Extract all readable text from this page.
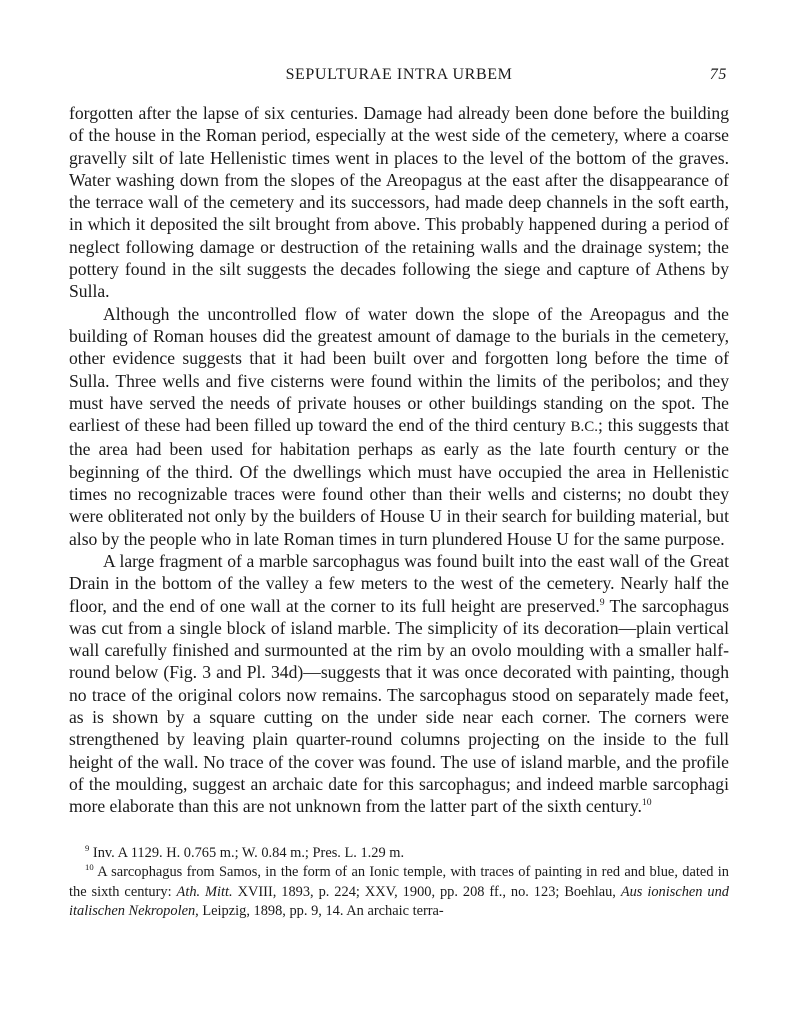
SEPULTURAE INTRA URBEM	75

forgotten after the lapse of six centuries. Damage had already been done before the building of the house in the Roman period, especially at the west side of the cemetery, where a coarse gravelly silt of late Hellenistic times went in places to the level of the bottom of the graves. Water washing down from the slopes of the Areopagus at the east after the disappearance of the terrace wall of the cemetery and its successors, had made deep channels in the soft earth, in which it deposited the silt brought from above. This probably happened during a period of neglect following damage or destruction of the retaining walls and the drainage system; the pottery found in the silt suggests the decades following the siege and capture of Athens by Sulla.

Although the uncontrolled flow of water down the slope of the Areopagus and the building of Roman houses did the greatest amount of damage to the burials in the cemetery, other evidence suggests that it had been built over and forgotten long before the time of Sulla. Three wells and five cisterns were found within the limits of the peribolos; and they must have served the needs of private houses or other buildings standing on the spot. The earliest of these had been filled up toward the end of the third century B.C.; this suggests that the area had been used for habitation perhaps as early as the late fourth century or the beginning of the third. Of the dwellings which must have occupied the area in Hellenistic times no recognizable traces were found other than their wells and cisterns; no doubt they were obliterated not only by the builders of House U in their search for building material, but also by the people who in late Roman times in turn plundered House U for the same purpose.

A large fragment of a marble sarcophagus was found built into the east wall of the Great Drain in the bottom of the valley a few meters to the west of the cemetery. Nearly half the floor, and the end of one wall at the corner to its full height are preserved.$^9$ The sarcophagus was cut from a single block of island marble. The simplicity of its decoration—plain vertical wall carefully finished and surmounted at the rim by an ovolo moulding with a smaller half-round below (Fig. 3 and Pl. 34d)—suggests that it was once decorated with painting, though no trace of the original colors now remains. The sarcophagus stood on separately made feet, as is shown by a square cutting on the under side near each corner. The corners were strengthened by leaving plain quarter-round columns projecting on the inside to the full height of the wall. No trace of the cover was found. The use of island marble, and the profile of the moulding, suggest an archaic date for this sarcophagus; and indeed marble sarcophagi more elaborate than this are not unknown from the latter part of the sixth century.$^{10}$

$^9$ Inv. A 1129. H. 0.765 m.; W. 0.84 m.; Pres. L. 1.29 m.

$^{10}$ A sarcophagus from Samos, in the form of an Ionic temple, with traces of painting in red and blue, dated in the sixth century: Ath. Mitt. XVIII, 1893, p. 224; XXV, 1900, pp. 208 ff., no. 123; Boehlau, Aus ionischen und italischen Nekropolen, Leipzig, 1898, pp. 9, 14. An archaic terra-
